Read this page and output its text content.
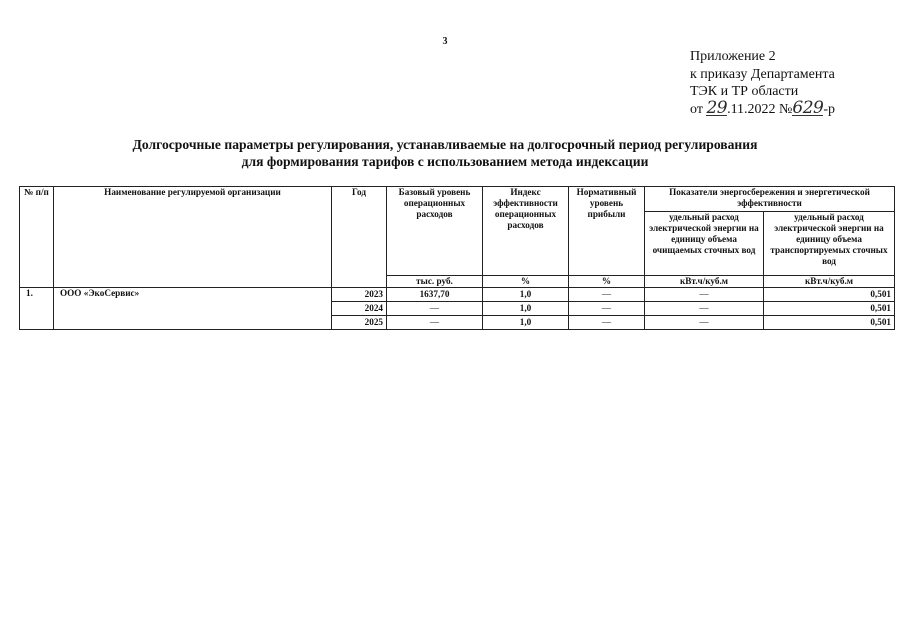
3
Приложение 2
к приказу Департамента
ТЭК и ТР области
от 29.11.2022 №629-р
Долгосрочные параметры регулирования, устанавливаемые на долгосрочный период регулирования
для формирования тарифов с использованием метода индексации
№ п/п	Наименование регулируемой организации	Год	Базовый уровень операционных расходов	Индекс эффективности операционных расходов	Нормативный уровень прибыли	Показатели энергосбережения и энергетической эффективности	
						удельный расход электрической энергии на единицу объема очищаемых сточных вод	удельный расход электрической энергии на единицу объема транспортируемых сточных вод
			тыс. руб.	%	%	кВт.ч/куб.м	кВт.ч/куб.м
1.	ООО «ЭкоСервис»	2023	1637,70	1,0	—	—	0,501
		2024	—	1,0	—	—	0,501
		2025	—	1,0	—	—	0,501
